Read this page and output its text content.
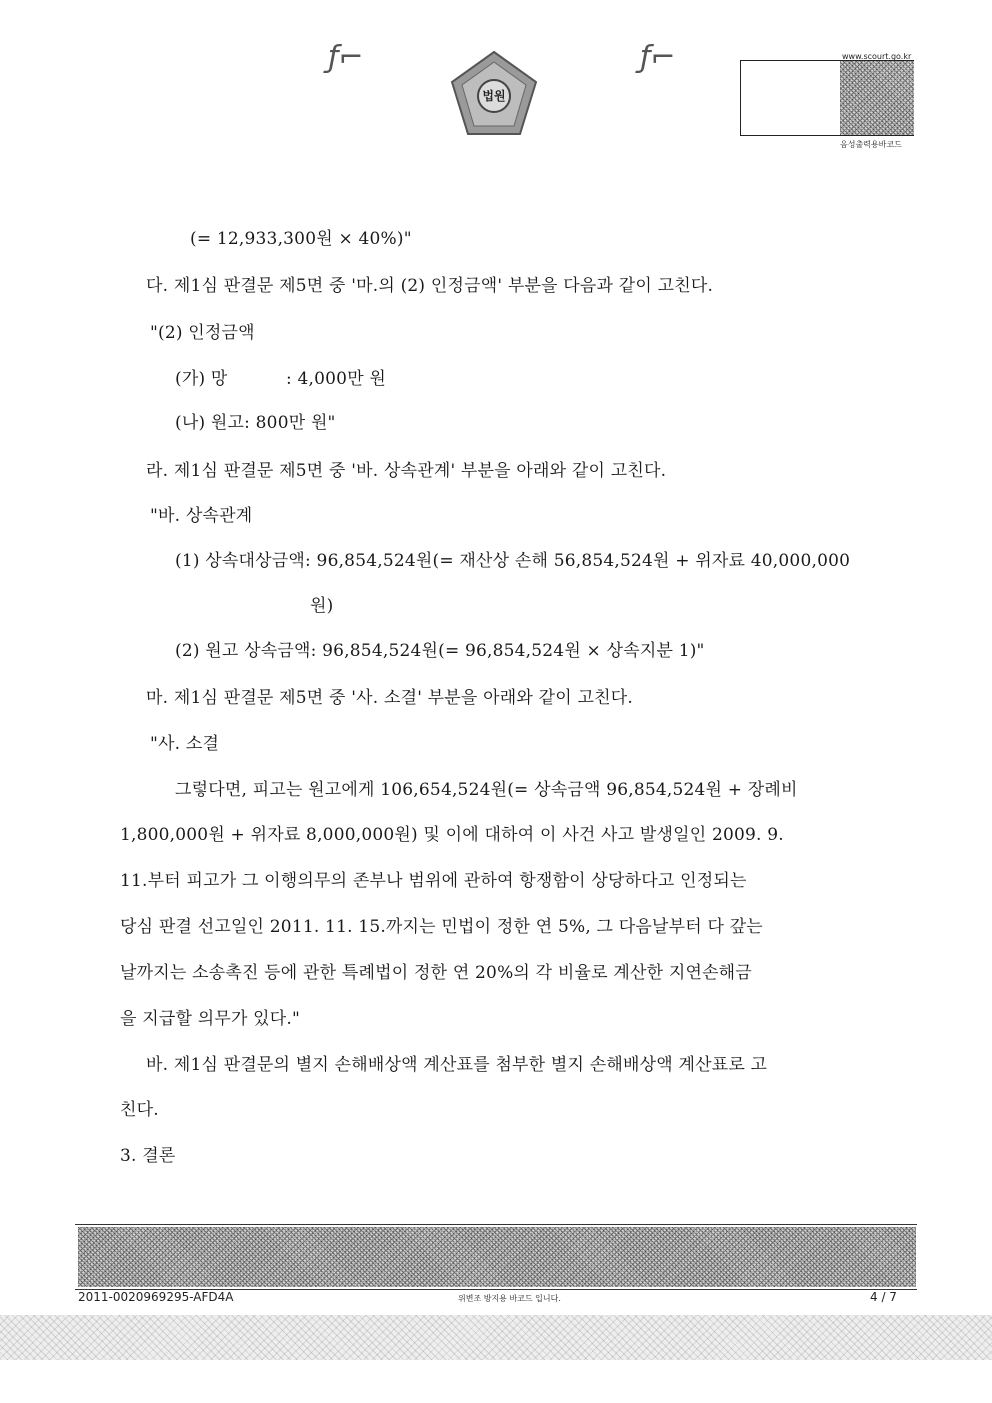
ƒ⌐	ƒ⌐
법원
www.scourt.go.kr
음성출력용바코드
(= 12,933,300원 × 40%)"
다. 제1심 판결문 제5면 중 '마.의 (2) 인정금액' 부분을 다음과 같이 고친다.
"(2) 인정금액
(가) 망	: 4,000만 원
(나) 원고: 800만 원"
라. 제1심 판결문 제5면 중 '바. 상속관계' 부분을 아래와 같이 고친다.
"바. 상속관계
(1) 상속대상금액: 96,854,524원(= 재산상 손해 56,854,524원 + 위자료 40,000,000
원)
(2) 원고 상속금액: 96,854,524원(= 96,854,524원 × 상속지분 1)"
마. 제1심 판결문 제5면 중 '사. 소결' 부분을 아래와 같이 고친다.
"사. 소결
그렇다면, 피고는 원고에게 106,654,524원(= 상속금액 96,854,524원 + 장례비
1,800,000원 + 위자료 8,000,000원) 및 이에 대하여 이 사건 사고 발생일인 2009. 9.
11.부터 피고가 그 이행의무의 존부나 범위에 관하여 항쟁함이 상당하다고 인정되는
당심 판결 선고일인 2011. 11. 15.까지는 민법이 정한 연 5%, 그 다음날부터 다 갚는
날까지는 소송촉진 등에 관한 특례법이 정한 연 20%의 각 비율로 계산한 지연손해금
을 지급할 의무가 있다."
바. 제1심 판결문의 별지 손해배상액 계산표를 첨부한 별지 손해배상액 계산표로 고
친다.
3. 결론
2011-0020969295-AFD4A	위변조 방지용 바코드 입니다.	4 / 7
